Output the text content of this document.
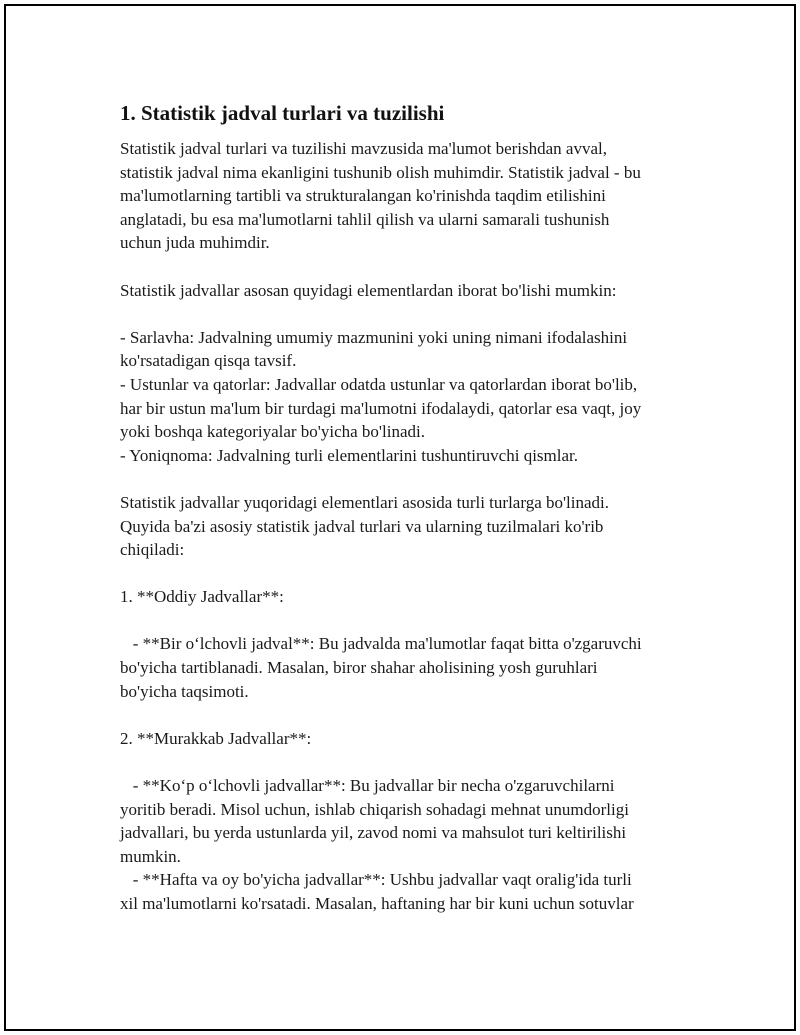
1. Statistik jadval turlari va tuzilishi
Statistik jadval turlari va tuzilishi mavzusida ma'lumot berishdan avval,
statistik jadval nima ekanligini tushunib olish muhimdir. Statistik jadval - bu
ma'lumotlarning tartibli va strukturalangan ko'rinishda taqdim etilishini
anglatadi, bu esa ma'lumotlarni tahlil qilish va ularni samarali tushunish
uchun juda muhimdir.
Statistik jadvallar asosan quyidagi elementlardan iborat bo'lishi mumkin:
- Sarlavha: Jadvalning umumiy mazmunini yoki uning nimani ifodalashini
ko'rsatadigan qisqa tavsif.
- Ustunlar va qatorlar: Jadvallar odatda ustunlar va qatorlardan iborat bo'lib,
har bir ustun ma'lum bir turdagi ma'lumotni ifodalaydi, qatorlar esa vaqt, joy
yoki boshqa kategoriyalar bo'yicha bo'linadi.
- Yoniqnoma: Jadvalning turli elementlarini tushuntiruvchi qismlar.
Statistik jadvallar yuqoridagi elementlari asosida turli turlarga bo'linadi.
Quyida ba'zi asosiy statistik jadval turlari va ularning tuzilmalari ko'rib
chiqiladi:
1. **Oddiy Jadvallar**:
- **Bir oʻlchovli jadval**: Bu jadvalda ma'lumotlar faqat bitta o'zgaruvchi
bo'yicha tartiblanadi. Masalan, biror shahar aholisining yosh guruhlari
bo'yicha taqsimoti.
2. **Murakkab Jadvallar**:
- **Koʻp oʻlchovli jadvallar**: Bu jadvallar bir necha o'zgaruvchilarni
yoritib beradi. Misol uchun, ishlab chiqarish sohadagi mehnat unumdorligi
jadvallari, bu yerda ustunlarda yil, zavod nomi va mahsulot turi keltirilishi
mumkin.
- **Hafta va oy bo'yicha jadvallar**: Ushbu jadvallar vaqt oralig'ida turli
xil ma'lumotlarni ko'rsatadi. Masalan, haftaning har bir kuni uchun sotuvlar
